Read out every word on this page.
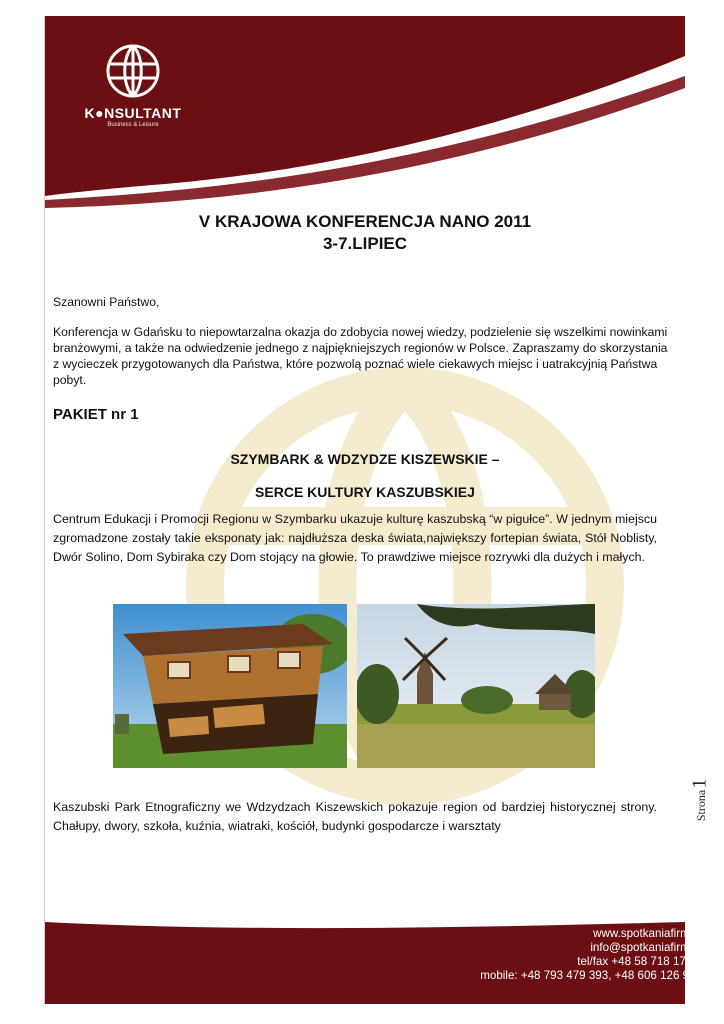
K●NSULTANT
Business & Leisure
V KRAJOWA KONFERENCJA NANO 2011
3-7.LIPIEC
Szanowni Państwo,
Konferencja w Gdańsku to niepowtarzalna okazja do zdobycia nowej wiedzy, podzielenie się wszelkimi nowinkami branżowymi, a także na odwiedzenie jednego z najpiękniejszych regionów w Polsce. Zapraszamy do skorzystania z wycieczek przygotowanych dla Państwa, które pozwolą poznać wiele ciekawych miejsc i uatrakcyjnią Państwa pobyt.
PAKIET nr 1
SZYMBARK & WDZYDZE KISZEWSKIE –
SERCE KULTURY KASZUBSKIEJ
Centrum Edukacji i Promocji Regionu w Szymbarku ukazuje kulturę kaszubską “w pigułce”. W jednym miejscu zgromadzone zostały takie eksponaty jak: najdłuższa deska świata,największy fortepian świata, Stół Noblisty, Dwór Solino, Dom Sybiraka czy Dom stojący na głowie. To prawdziwe miejsce rozrywki dla dużych i małych.
Kaszubski Park Etnograficzny we Wdzydzach Kiszewskich pokazuje region od bardziej historycznej strony. Chałupy, dwory, szkoła, kuźnia, wiatraki, kościół, budynki gospodarcze i warsztaty
Strona
1
K●NSULTANT
www.spotkaniafirm.pl
info@spotkaniafirm.pl
tel/fax +48 58 718 17 95
mobile: +48 793 479 393, +48 606 126 989
